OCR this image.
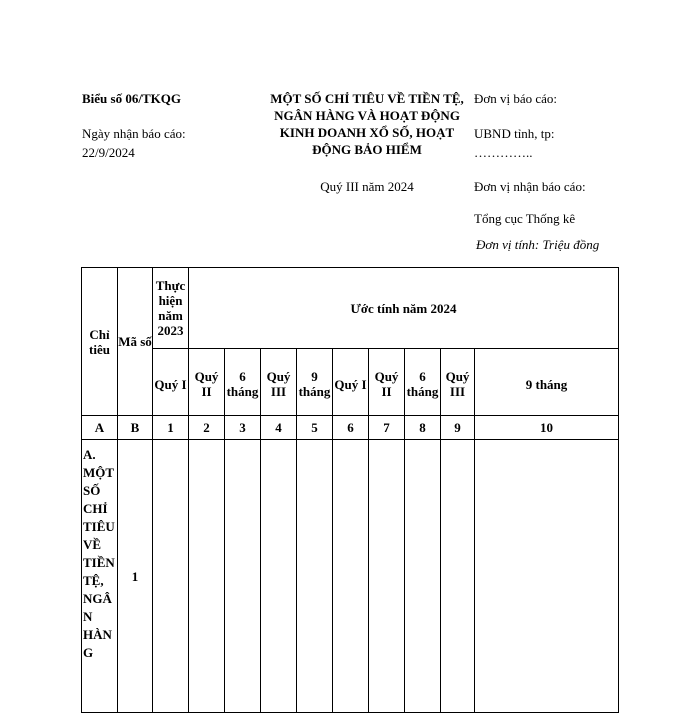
Biểu số 06/TKQG
Ngày nhận báo cáo:
22/9/2024
MỘT SỐ CHỈ TIÊU VỀ TIỀN TỆ, NGÂN HÀNG VÀ HOẠT ĐỘNG KINH DOANH XỔ SỐ, HOẠT ĐỘNG BẢO HIỂM
Quý III năm 2024
Đơn vị báo cáo:
UBND tỉnh, tp:
…………..
Đơn vị nhận báo cáo:
Tổng cục Thống kê
Đơn vị tính: Triệu đồng
Chỉ tiêu	Mã số	Thực hiện năm 2023	Ước tính năm 2024								
		Quý I	Quý II	6 tháng	Quý III	9 tháng	Quý I	Quý II	6 tháng	Quý III	9 tháng
A	B	1	2	3	4	5	6	7	8	9	10
A. MỘT SỐ CHỈ TIÊU VỀ TIỀN TỆ, NGÂN HÀNG	1										
